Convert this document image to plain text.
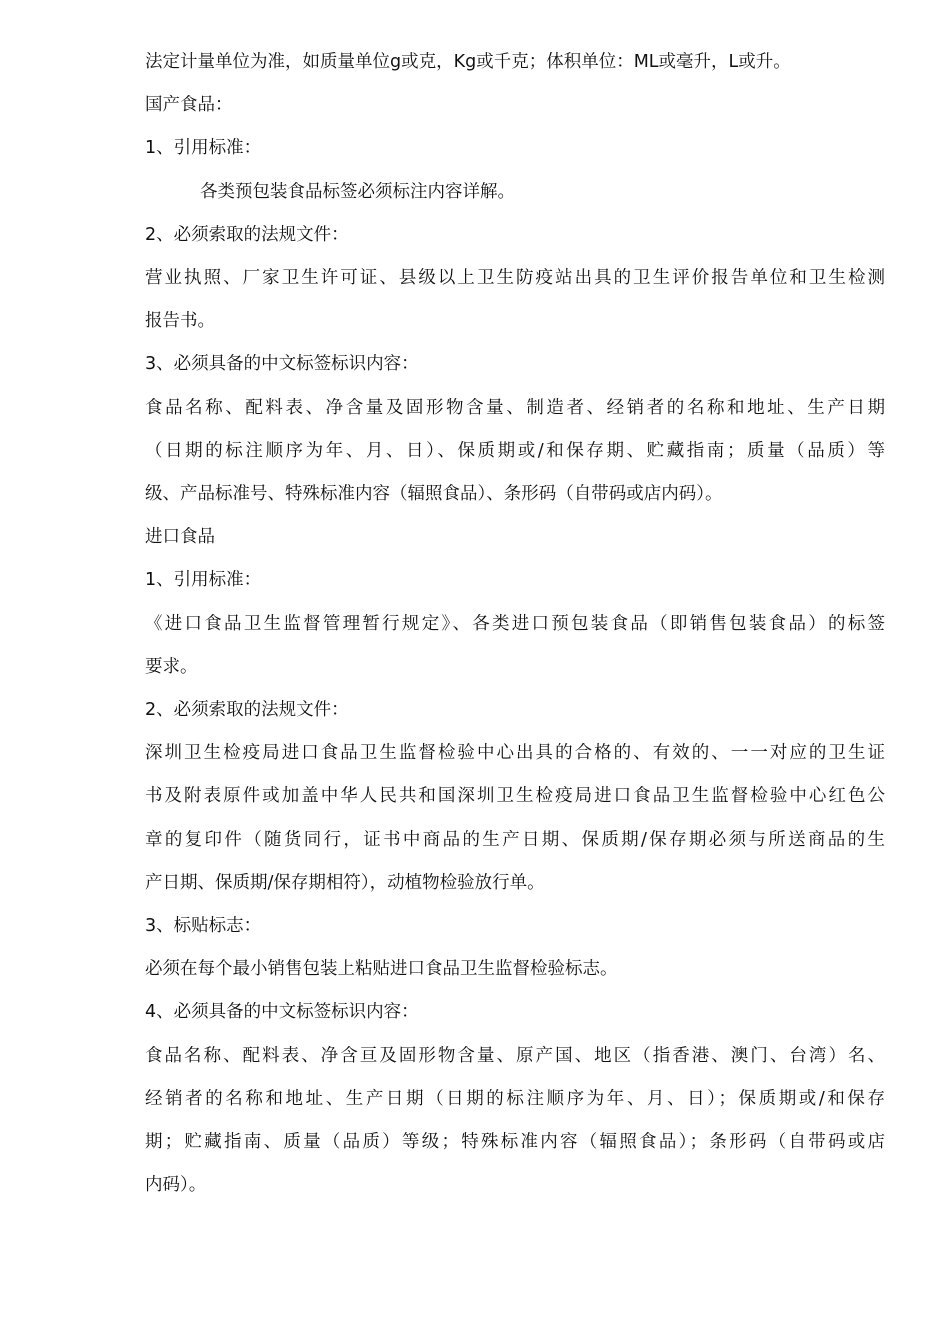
法定计量单位为准，如质量单位g或克，Kg或千克；体积单位：ML或毫升，L或升。
国产食品：
1、引用标准：
各类预包装食品标签必须标注内容详解。
2、必须索取的法规文件：
营业执照、厂家卫生许可证、县级以上卫生防疫站出具的卫生评价报告单位和卫生检测
报告书。
3、必须具备的中文标签标识内容：
食品名称、配料表、净含量及固形物含量、制造者、经销者的名称和地址、生产日期
（日期的标注顺序为年、月、日）、保质期或/和保存期、贮藏指南；质量（品质）等
级、产品标准号、特殊标准内容（辐照食品）、条形码（自带码或店内码）。
进口食品
1、引用标准：
《进口食品卫生监督管理暂行规定》、各类进口预包装食品（即销售包装食品）的标签
要求。
2、必须索取的法规文件：
深圳卫生检疫局进口食品卫生监督检验中心出具的合格的、有效的、一一对应的卫生证
书及附表原件或加盖中华人民共和国深圳卫生检疫局进口食品卫生监督检验中心红色公
章的复印件（随货同行，证书中商品的生产日期、保质期/保存期必须与所送商品的生
产日期、保质期/保存期相符），动植物检验放行单。
3、标贴标志：
必须在每个最小销售包装上粘贴进口食品卫生监督检验标志。
4、必须具备的中文标签标识内容：
食品名称、配料表、净含亘及固形物含量、原产国、地区（指香港、澳门、台湾）名、
经销者的名称和地址、生产日期（日期的标注顺序为年、月、日）；保质期或/和保存
期；贮藏指南、质量（品质）等级；特殊标准内容（辐照食品）；条形码（自带码或店
内码）。
